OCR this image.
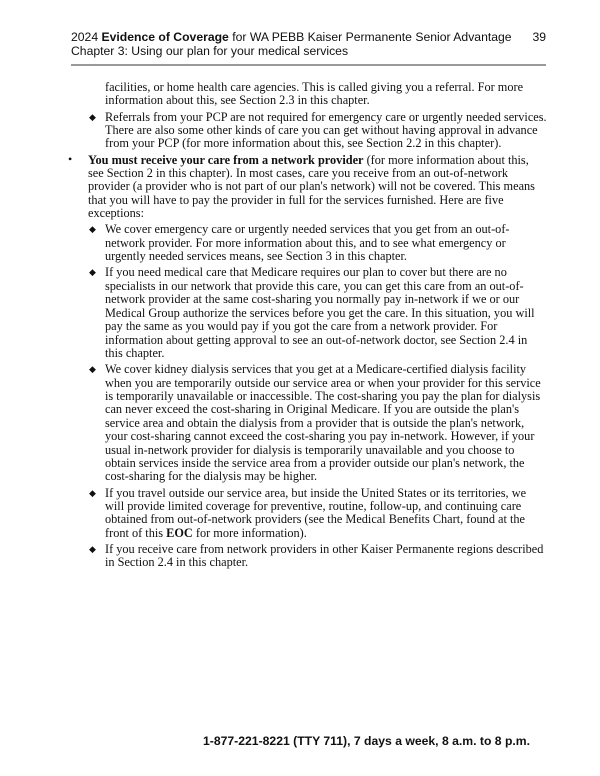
2024 Evidence of Coverage for WA PEBB Kaiser Permanente Senior Advantage
Chapter 3: Using our plan for your medical services
39
facilities, or home health care agencies. This is called giving you a referral. For more
information about this, see Section 2.3 in this chapter.
◆ Referrals from your PCP are not required for emergency care or urgently needed services.
There are also some other kinds of care you can get without having approval in advance
from your PCP (for more information about this, see Section 2.2 in this chapter).
• You must receive your care from a network provider (for more information about this,
see Section 2 in this chapter). In most cases, care you receive from an out-of-network
provider (a provider who is not part of our plan's network) will not be covered. This means
that you will have to pay the provider in full for the services furnished. Here are five
exceptions:
◆ We cover emergency care or urgently needed services that you get from an out-of-
network provider. For more information about this, and to see what emergency or
urgently needed services means, see Section 3 in this chapter.
◆ If you need medical care that Medicare requires our plan to cover but there are no
specialists in our network that provide this care, you can get this care from an out-of-
network provider at the same cost-sharing you normally pay in-network if we or our
Medical Group authorize the services before you get the care. In this situation, you will
pay the same as you would pay if you got the care from a network provider. For
information about getting approval to see an out-of-network doctor, see Section 2.4 in
this chapter.
◆ We cover kidney dialysis services that you get at a Medicare-certified dialysis facility
when you are temporarily outside our service area or when your provider for this service
is temporarily unavailable or inaccessible. The cost-sharing you pay the plan for dialysis
can never exceed the cost-sharing in Original Medicare. If you are outside the plan's
service area and obtain the dialysis from a provider that is outside the plan's network,
your cost-sharing cannot exceed the cost-sharing you pay in-network. However, if your
usual in-network provider for dialysis is temporarily unavailable and you choose to
obtain services inside the service area from a provider outside our plan's network, the
cost-sharing for the dialysis may be higher.
◆ If you travel outside our service area, but inside the United States or its territories, we
will provide limited coverage for preventive, routine, follow-up, and continuing care
obtained from out-of-network providers (see the Medical Benefits Chart, found at the
front of this EOC for more information).
◆ If you receive care from network providers in other Kaiser Permanente regions described
in Section 2.4 in this chapter.
1-877-221-8221 (TTY 711), 7 days a week, 8 a.m. to 8 p.m.
